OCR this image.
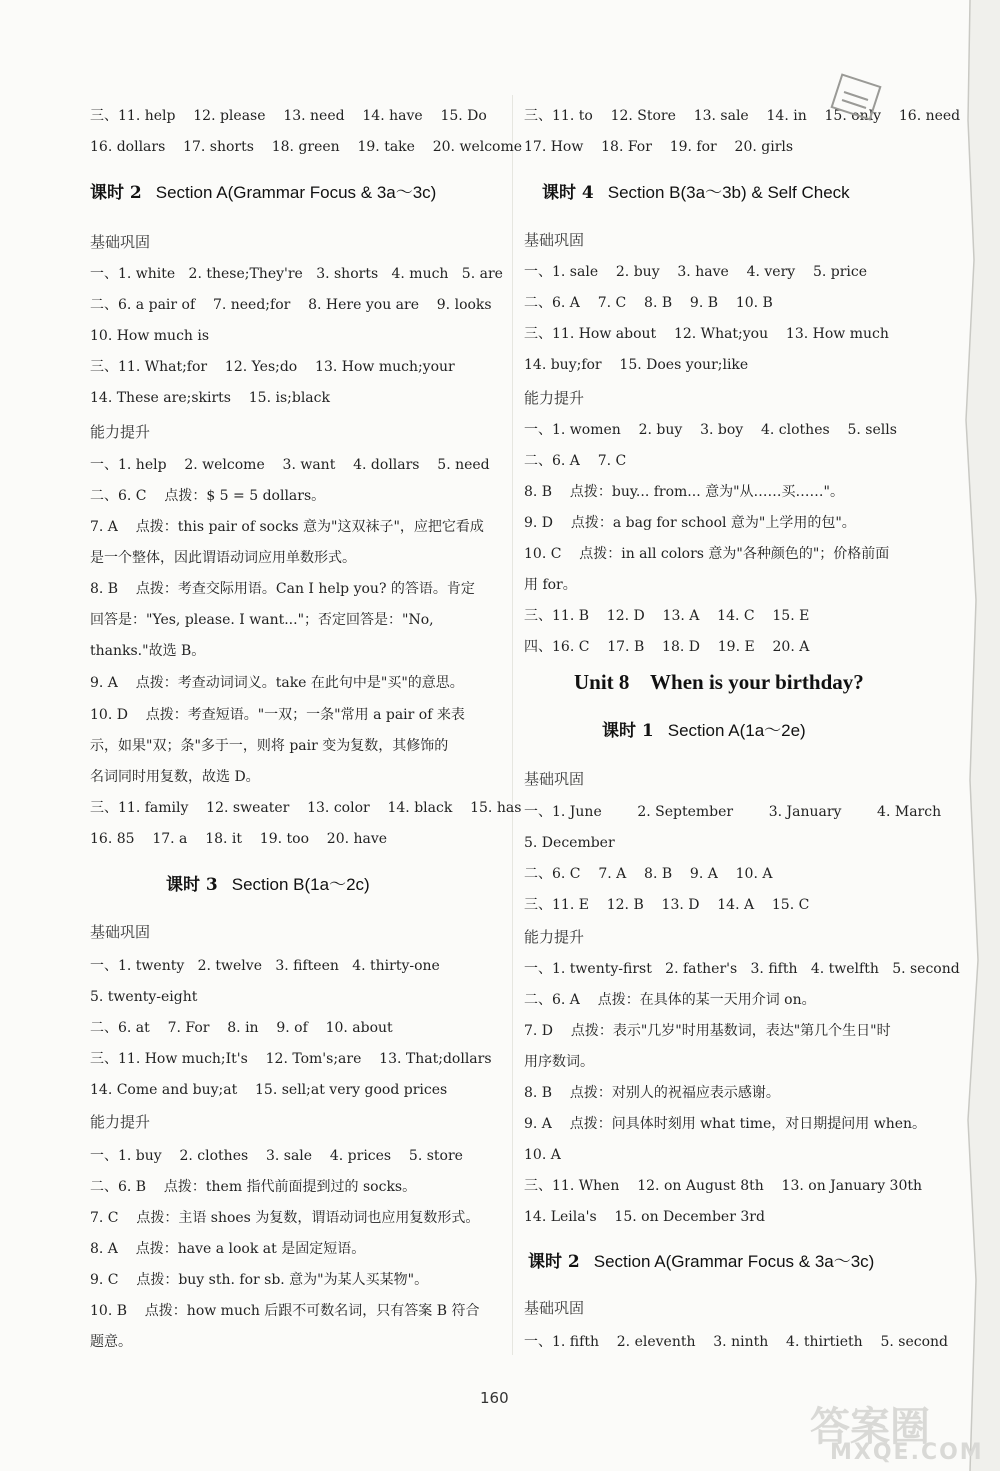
三、11. help    12. please    13. need    14. have    15. Do
16. dollars    17. shorts    18. green    19. take    20. welcome
课时 2 Section A(Grammar Focus & 3a～3c)
基础巩固
一、1. white   2. these;They're   3. shorts   4. much   5. are
二、6. a pair of    7. need;for    8. Here you are    9. looks
10. How much is
三、11. What;for    12. Yes;do    13. How much;your
14. These are;skirts    15. is;black
能力提升
一、1. help    2. welcome    3. want    4. dollars    5. need
二、6. C    点拨：$ 5 = 5 dollars。
7. A    点拨：this pair of socks 意为"这双袜子"，应把它看成
是一个整体，因此谓语动词应用单数形式。
8. B    点拨：考查交际用语。Can I help you? 的答语。肯定
回答是："Yes, please. I want..."；否定回答是："No,
thanks."故选 B。
9. A    点拨：考查动词词义。take 在此句中是"买"的意思。
10. D    点拨：考查短语。"一双；一条"常用 a pair of 来表
示，如果"双；条"多于一，则将 pair 变为复数，其修饰的
名词同时用复数，故选 D。
三、11. family    12. sweater    13. color    14. black    15. has
16. 85    17. a    18. it    19. too    20. have
课时 3 Section B(1a～2c)
基础巩固
一、1. twenty   2. twelve   3. fifteen   4. thirty-one
5. twenty-eight
二、6. at    7. For    8. in    9. of    10. about
三、11. How much;It's    12. Tom's;are    13. That;dollars
14. Come and buy;at    15. sell;at very good prices
能力提升
一、1. buy    2. clothes    3. sale    4. prices    5. store
二、6. B    点拨：them 指代前面提到过的 socks。
7. C    点拨：主语 shoes 为复数，谓语动词也应用复数形式。
8. A    点拨：have a look at 是固定短语。
9. C    点拨：buy sth. for sb. 意为"为某人买某物"。
10. B    点拨：how much 后跟不可数名词，只有答案 B 符合
题意。
三、11. to    12. Store    13. sale    14. in    15. only    16. need
17. How    18. For    19. for    20. girls
课时 4 Section B(3a～3b) & Self Check
基础巩固
一、1. sale    2. buy    3. have    4. very    5. price
二、6. A    7. C    8. B    9. B    10. B
三、11. How about    12. What;you    13. How much
14. buy;for    15. Does your;like
能力提升
一、1. women    2. buy    3. boy    4. clothes    5. sells
二、6. A    7. C
8. B    点拨：buy... from... 意为"从……买……"。
9. D    点拨：a bag for school 意为"上学用的包"。
10. C    点拨：in all colors 意为"各种颜色的"；价格前面
用 for。
三、11. B    12. D    13. A    14. C    15. E
四、16. C    17. B    18. D    19. E    20. A
Unit 8    When is your birthday?
课时 1 Section A(1a～2e)
基础巩固
一、1. June        2. September        3. January        4. March
5. December
二、6. C    7. A    8. B    9. A    10. A
三、11. E    12. B    13. D    14. A    15. C
能力提升
一、1. twenty-first   2. father's   3. fifth   4. twelfth   5. second
二、6. A    点拨：在具体的某一天用介词 on。
7. D    点拨：表示"几岁"时用基数词，表达"第几个生日"时
用序数词。
8. B    点拨：对别人的祝福应表示感谢。
9. A    点拨：问具体时刻用 what time，对日期提问用 when。
10. A
三、11. When    12. on August 8th    13. on January 30th
14. Leila's    15. on December 3rd
课时 2 Section A(Grammar Focus & 3a～3c)
基础巩固
一、1. fifth    2. eleventh    3. ninth    4. thirtieth    5. second
160
答案圈
MXQE.COM
